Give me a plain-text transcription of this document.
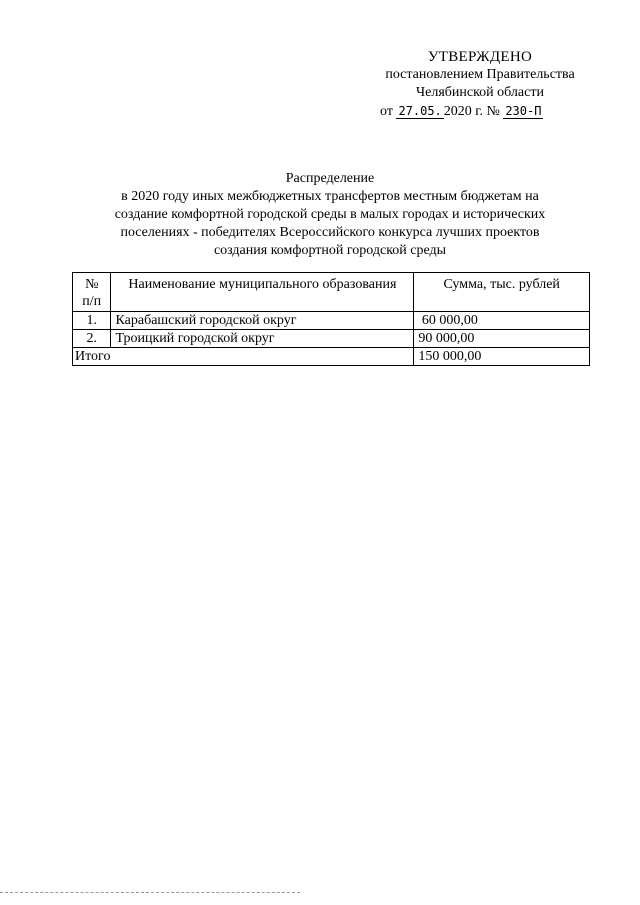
УТВЕРЖДЕНО
постановлением Правительства
Челябинской области
от 27.05. 2020 г. № 230-П
Распределение
в 2020 году иных межбюджетных трансфертов местным бюджетам на
создание комфортной городской среды в малых городах и исторических
поселениях - победителях Всероссийского конкурса лучших проектов
создания комфортной городской среды
№
п/п	Наименование муниципального образования	Сумма, тыс. рублей
1.	Карабашский городской округ	60 000,00
2.	Троицкий городской округ	90 000,00
Итого		150 000,00
